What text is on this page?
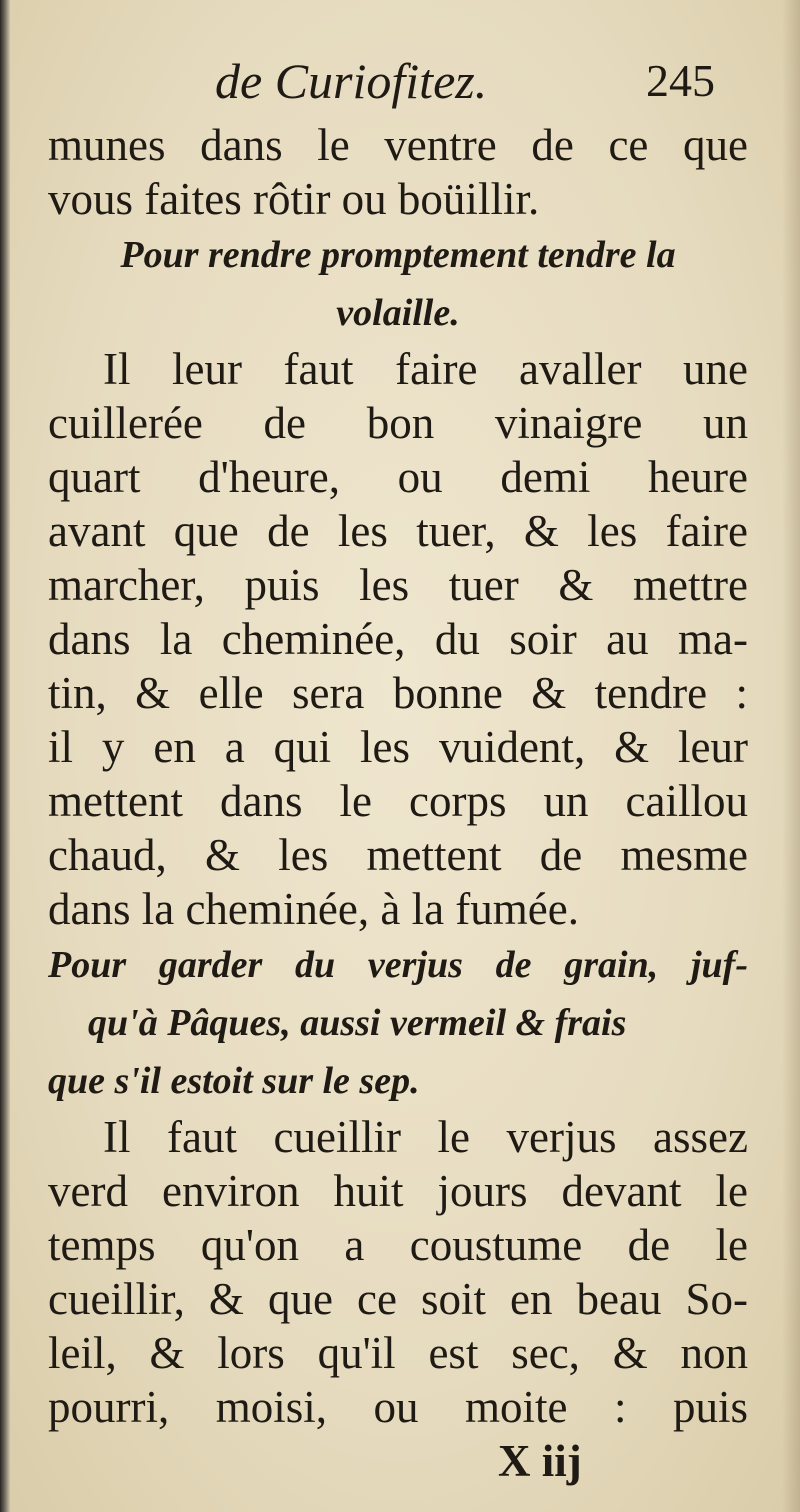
de Curiofitez.	245
munes dans le ventre de ce que
vous faites rôtir ou boüillir.
Pour rendre promptement tendre la
volaille.
Il leur faut faire avaller une
cuillerée de bon vinaigre un
quart d'heure, ou demi heure
avant que de les tuer, & les faire
marcher, puis les tuer & mettre
dans la cheminée, du soir au ma-
tin, & elle sera bonne & tendre :
il y en a qui les vuident, & leur
mettent dans le corps un caillou
chaud, & les mettent de mesme
dans la cheminée, à la fumée.
Pour garder du verjus de grain, juf-
qu'à Pâques, aussi vermeil & frais
que s'il estoit sur le sep.
Il faut cueillir le verjus assez
verd environ huit jours devant le
temps qu'on a coustume de le
cueillir, & que ce soit en beau So-
leil, & lors qu'il est sec, & non
pourri, moisi, ou moite : puis
X iij
